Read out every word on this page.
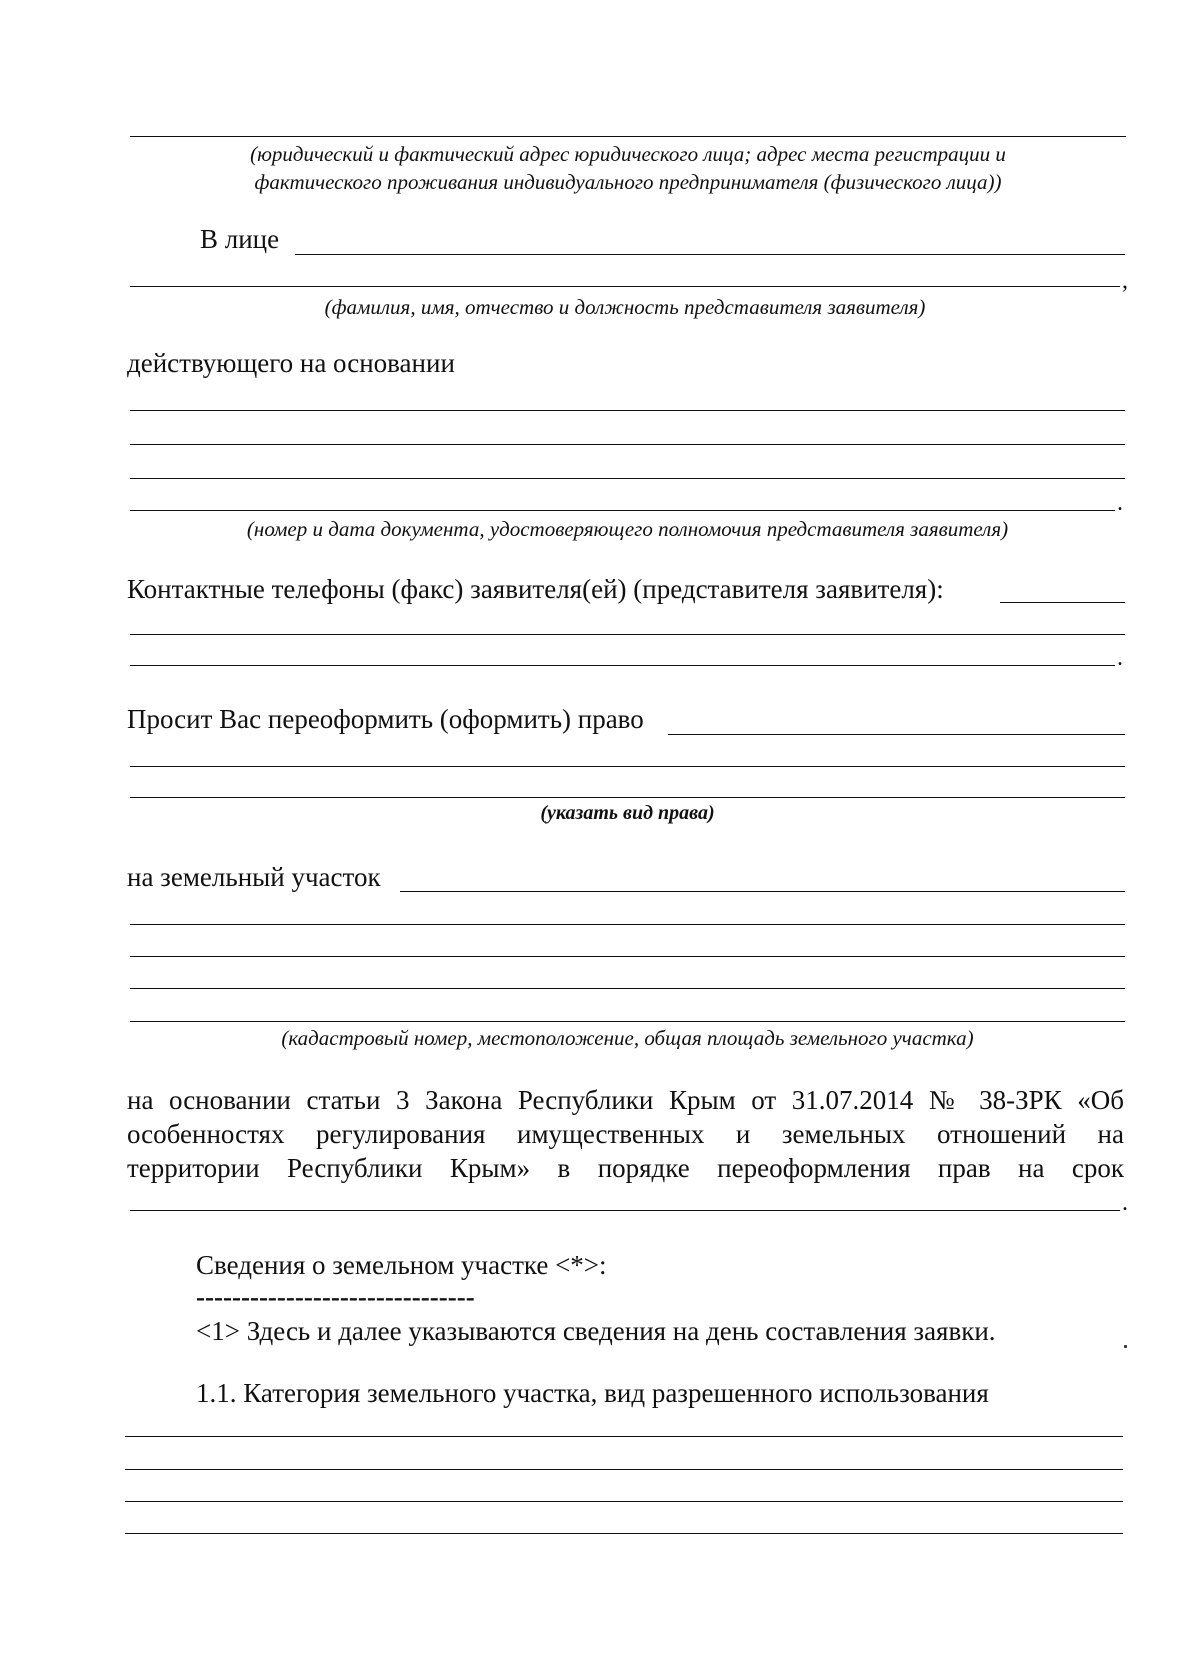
(юридический и фактический адрес юридического лица; адрес места регистрации и
фактического проживания индивидуального предпринимателя (физического лица))
В лице
,
(фамилия, имя, отчество и должность представителя заявителя)
действующего на основании
.
(номер и дата документа, удостоверяющего полномочия представителя заявителя)
Контактные телефоны (факс) заявителя(ей) (представителя заявителя):
.
Просит Вас переоформить (оформить) право
(указать вид права)
на земельный участок
(кадастровый номер, местоположение, общая площадь земельного участка)
на основании статьи 3 Закона Республики Крым от 31.07.2014 № 38-ЗРК «Об
особенностях регулирования имущественных и земельных отношений на
территории Республики Крым» в порядке переоформления прав на срок
.
Сведения о земельном участке <*>:
-------------------------------
<1> Здесь и далее указываются сведения на день составления заявки.
1.1. Категория земельного участка, вид разрешенного использования
